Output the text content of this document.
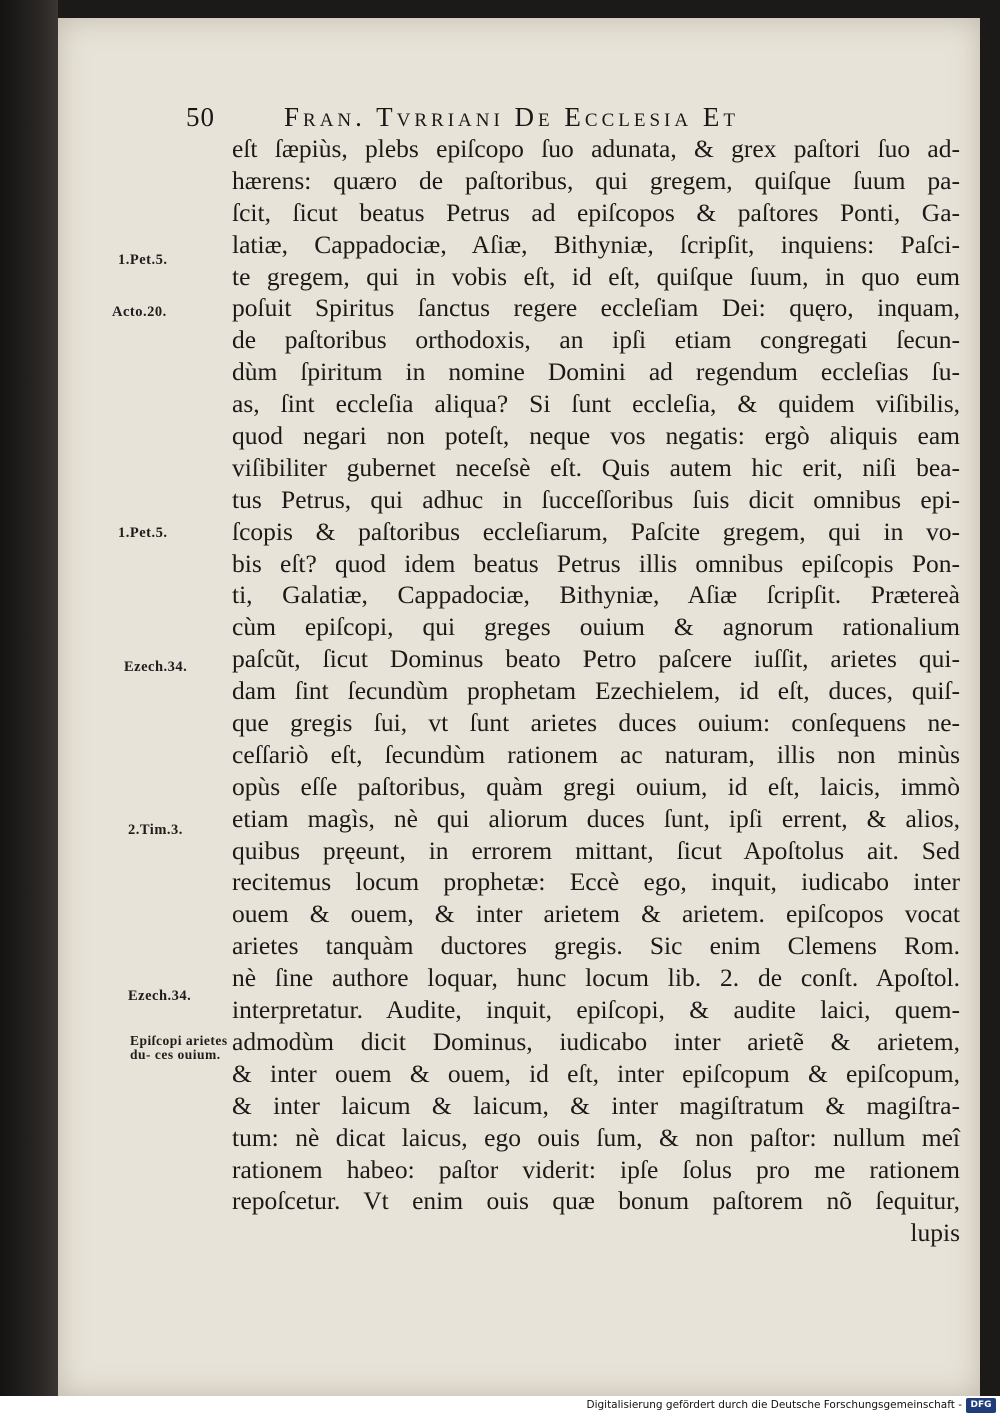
50	Fran. Tvrriani De Ecclesia Et
eſt ſæpiùs, plebs epiſcopo ſuo adunata, & grex paſtori ſuo ad-
hærens: quæro de paſtoribus, qui gregem, quiſque ſuum pa-
ſcit, ſicut beatus Petrus ad epiſcopos & paſtores Ponti, Ga-
latiæ, Cappadociæ, Aſiæ, Bithyniæ, ſcripſit, inquiens: Paſci-
te gregem, qui in vobis eſt, id eſt, quiſque ſuum, in quo eum
poſuit Spiritus ſanctus regere eccleſiam Dei: quęro, inquam,
de paſtoribus orthodoxis, an ipſi etiam congregati ſecun-
dùm ſpiritum in nomine Domini ad regendum eccleſias ſu-
as, ſint eccleſia aliqua? Si ſunt eccleſia, & quidem viſibilis,
quod negari non poteſt, neque vos negatis: ergò aliquis eam
viſibiliter gubernet neceſsè eſt. Quis autem hic erit, niſi bea-
tus Petrus, qui adhuc in ſucceſſoribus ſuis dicit omnibus epi-
ſcopis & paſtoribus eccleſiarum, Paſcite gregem, qui in vo-
bis eſt? quod idem beatus Petrus illis omnibus epiſcopis Pon-
ti, Galatiæ, Cappadociæ, Bithyniæ, Aſiæ ſcripſit. Prætereà
cùm epiſcopi, qui greges ouium & agnorum rationalium
paſcũt, ſicut Dominus beato Petro paſcere iuſſit, arietes qui-
dam ſint ſecundùm prophetam Ezechielem, id eſt, duces, quiſ-
que gregis ſui, vt ſunt arietes duces ouium: conſequens ne-
ceſſariò eſt, ſecundùm rationem ac naturam, illis non minùs
opùs eſſe paſtoribus, quàm gregi ouium, id eſt, laicis, immò
etiam magìs, nè qui aliorum duces ſunt, ipſi errent, & alios,
quibus pręeunt, in errorem mittant, ſicut Apoſtolus ait. Sed
recitemus locum prophetæ: Eccè ego, inquit, iudicabo inter
ouem & ouem, & inter arietem & arietem. epiſcopos vocat
arietes tanquàm ductores gregis. Sic enim Clemens Rom.
nè ſine authore loquar, hunc locum lib. 2. de conſt. Apoſtol.
interpretatur. Audite, inquit, epiſcopi, & audite laici, quem-
admodùm dicit Dominus, iudicabo inter arietẽ & arietem,
& inter ouem & ouem, id eſt, inter epiſcopum & epiſcopum,
& inter laicum & laicum, & inter magiſtratum & magiſtra-
tum: nè dicat laicus, ego ouis ſum, & non paſtor: nullum meî
rationem habeo: paſtor viderit: ipſe ſolus pro me rationem
repoſcetur. Vt enim ouis quæ bonum paſtorem nõ ſequitur,
lupis
1.Pet.5.
Acto.20.
1.Pet.5.
Ezech.34.
2.Tim.3.
Ezech.34.
Epiſcopi arietes du- ces ouium.
Digitalisierung gefördert durch die Deutsche Forschungsgemeinschaft - DFG
